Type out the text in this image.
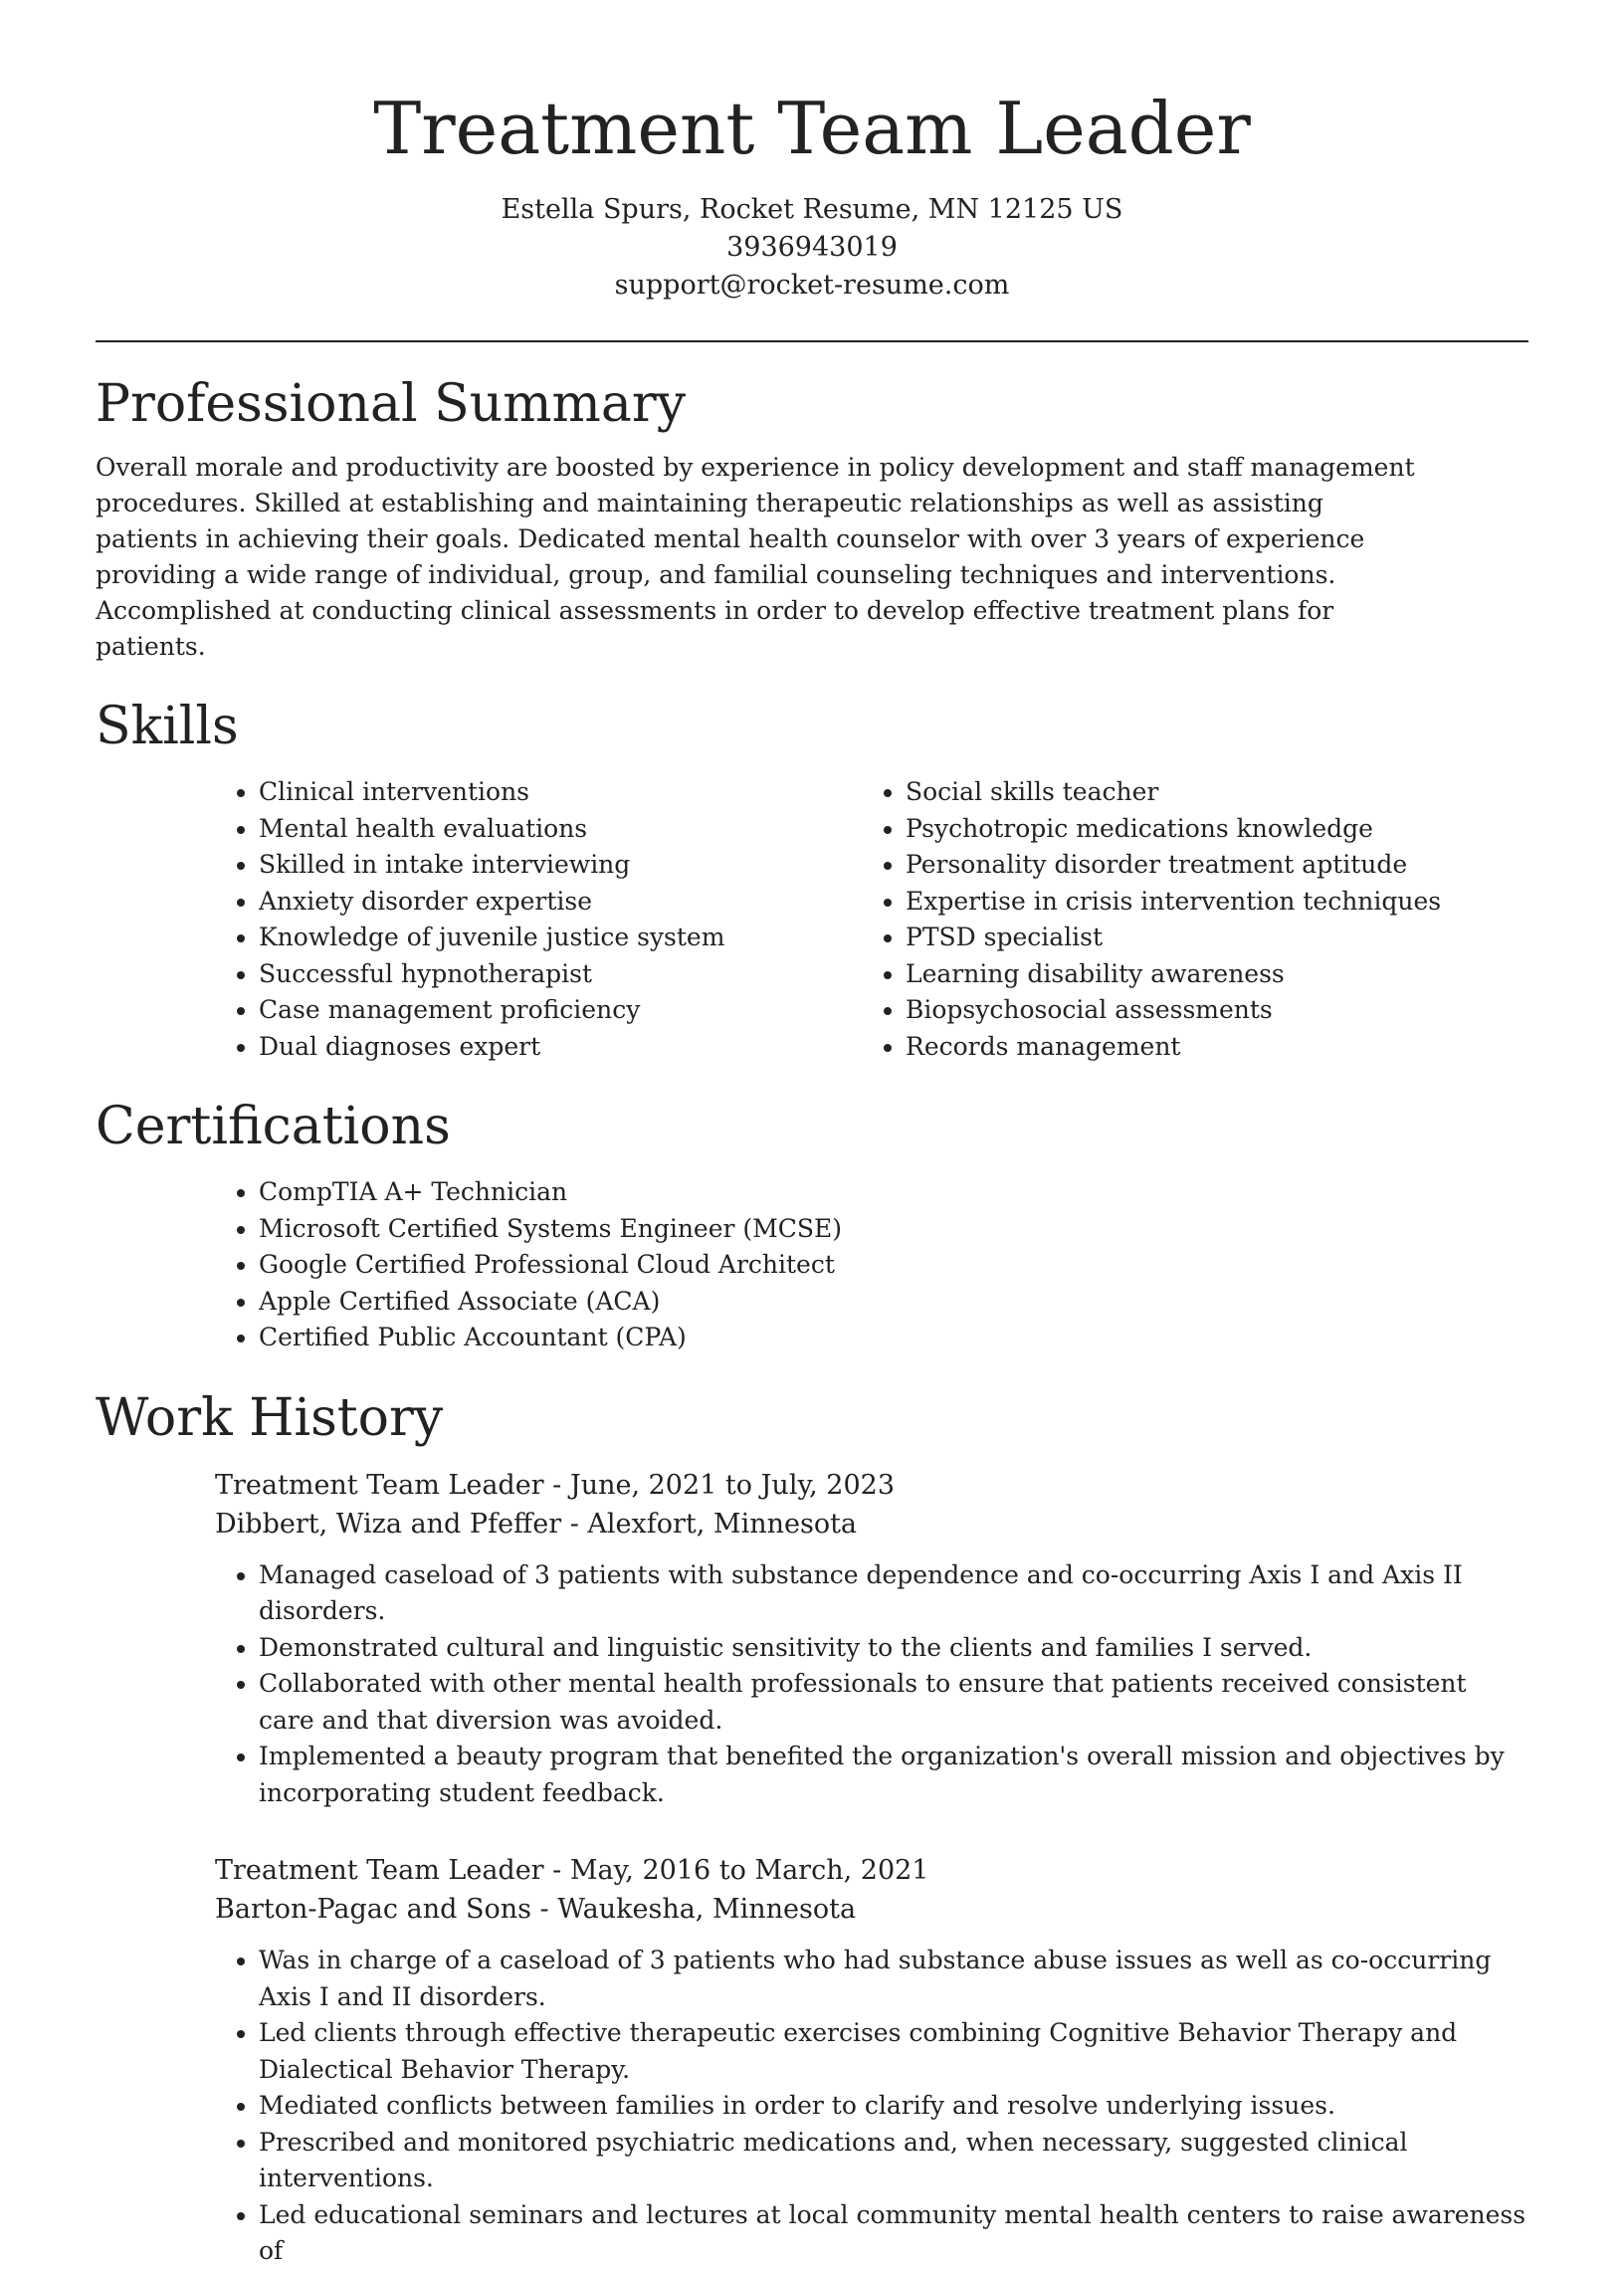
Treatment Team Leader

Estella Spurs, Rocket Resume, MN 12125 US

3936943019

support@rocket-resume.com

Professional Summary

Overall morale and productivity are boosted by experience in policy development and staff management procedures. Skilled at establishing and maintaining therapeutic relationships as well as assisting patients in achieving their goals. Dedicated mental health counselor with over 3 years of experience providing a wide range of individual, group, and familial counseling techniques and interventions. Accomplished at conducting clinical assessments in order to develop effective treatment plans for patients.

Skills
• Clinical interventions
• Mental health evaluations
• Skilled in intake interviewing
• Anxiety disorder expertise
• Knowledge of juvenile justice system
• Successful hypnotherapist
• Case management proficiency
• Dual diagnoses expert
• Social skills teacher
• Psychotropic medications knowledge
• Personality disorder treatment aptitude
• Expertise in crisis intervention techniques
• PTSD specialist
• Learning disability awareness
• Biopsychosocial assessments
• Records management
Certifications
• CompTIA A+ Technician
• Microsoft Certified Systems Engineer (MCSE)
• Google Certified Professional Cloud Architect
• Apple Certified Associate (ACA)
• Certified Public Accountant (CPA)
Work History

Treatment Team Leader - June, 2021 to July, 2023

Dibbert, Wiza and Pfeffer - Alexfort, Minnesota

• Managed caseload of 3 patients with substance dependence and co-occurring Axis I and Axis II disorders.
• Demonstrated cultural and linguistic sensitivity to the clients and families I served.
• Collaborated with other mental health professionals to ensure that patients received consistent care and that diversion was avoided.
• Implemented a beauty program that benefited the organization's overall mission and objectives by incorporating student feedback.

Treatment Team Leader - May, 2016 to March, 2021

Barton-Pagac and Sons - Waukesha, Minnesota

• Was in charge of a caseload of 3 patients who had substance abuse issues as well as co-occurring Axis I and II disorders.
• Led clients through effective therapeutic exercises combining Cognitive Behavior Therapy and Dialectical Behavior Therapy.
• Mediated conflicts between families in order to clarify and resolve underlying issues.
• Prescribed and monitored psychiatric medications and, when necessary, suggested clinical interventions.
• Led educational seminars and lectures at local community mental health centers to raise awareness of
